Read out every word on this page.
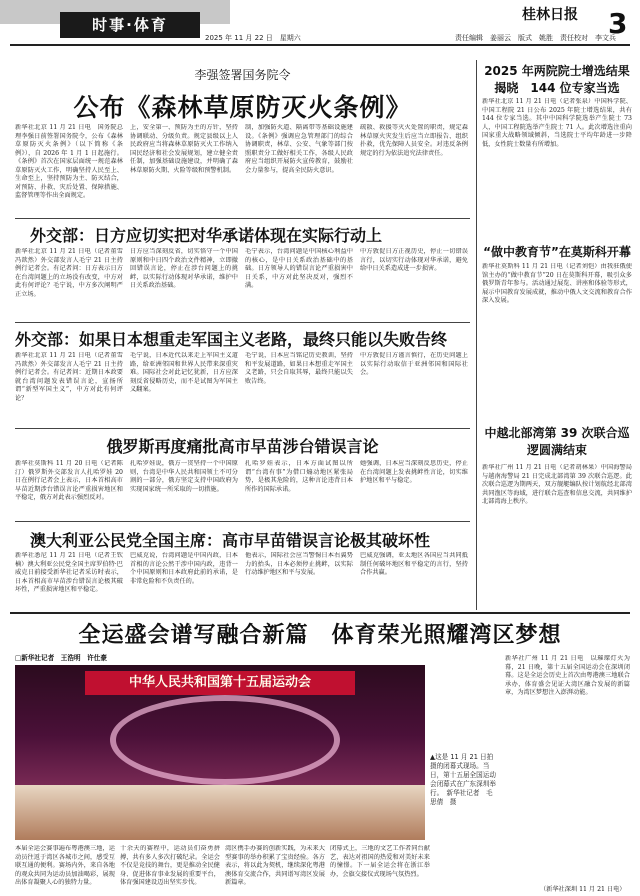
时事·体育
2025 年 11 月 22 日　星期六
桂林日报 3
责任编辑　姜丽云　版式　姚胜　责任校对　李文兵
李强签署国务院令
公布《森林草原防灭火条例》
新华社北京 11 月 21 日电　国务院总理李强日前签署国务院令，公布《森林草原防灭火条例》（以下简称《条例》），自 2026 年 1 月 1 日起施行。《条例》首次在国家层面统一规范森林草原防灭火工作，明确坚持人民至上、生命至上，坚持预防为主、防灭结合，对预防、扑救、灾后处置、保障措施、监督管理等作出全面规定。
上，安全第一、预防为主的方针，坚持协调联动、分级负责。规定县级以上人民政府应当将森林草原防灭火工作纳入国民经济和社会发展规划，建立健全责任制，加强基础设施建设，并明确了森林草原防火期、火险等级和预警机制。
制，加强防火道、隔离带等基础设施建设。《条例》强调应急管理部门的综合协调职责，林草、公安、气象等部门按照职责分工做好相关工作，各级人民政府应当组织开展防火宣传教育，鼓励社会力量参与，提高全民防火意识。
疏散、救援等灭火处置的职责，规定森林草原火灾发生后应当立即报告、组织扑救，优先保障人员安全。对违反条例规定的行为依法追究法律责任。
外交部：日方应切实把对华承诺体现在实际行动上
新华社北京 11 月 21 日电（记者董雪 冯歆然）外交部发言人毛宁 21 日主持例行记者会。有记者问：日方表示日方在台湾问题上的立场没有改变，中方对此有何评论？毛宁说，中方多次阐明严正立场。
日方应当深刻反省，切实恪守一个中国原则和中日四个政治文件精神，立即撤回错误言论，停止在涉台问题上的挑衅，以实际行动体现对华承诺，维护中日关系政治基础。
毛宁表示，台湾问题是中国核心利益中的核心，是中日关系政治基础中的基础。日方领导人的错误言论严重损害中日关系，中方对此坚决反对，强烈不满。
中方敦促日方正视历史，停止一切错误言行，以切实行动体现对华承诺，避免给中日关系造成进一步损害。
外交部：如果日本想重走军国主义老路，最终只能以失败告终
新华社北京 11 月 21 日电（记者董雪 冯歆然）外交部发言人毛宁 21 日主持例行记者会。有记者问：近期日本政要就台湾问题发表错误言论，宣扬所谓“新型军国主义”，中方对此有何评论？
毛宁说，日本近代以来走上军国主义道路，给亚洲邻国和世界人民带来深重灾难。国际社会对此记忆犹新，日方应深刻反省侵略历史，而不是试图为军国主义翻案。
毛宁说，日本应当铭记历史教训，坚持和平发展道路，如果日本想重走军国主义老路，只会自取其辱，最终只能以失败告终。
中方敦促日方谨言慎行，在历史问题上以实际行动取信于亚洲邻国和国际社会。
俄罗斯再度痛批高市早苗涉台错误言论
新华社莫斯科 11 月 20 日电（记者陈汀）俄罗斯外交部发言人扎哈罗娃 20 日在例行记者会上表示，日本首相高市早苗近期涉台错误言论严重损害地区和平稳定，俄方对此表示强烈反对。
扎哈罗娃说，俄方一贯坚持一个中国原则，台湾是中华人民共和国领土不可分割的一部分，俄方坚定支持中国政府为实现国家统一所采取的一切措施。
扎哈罗娃表示，日本方面试图以所谓“台湾有事”为借口煽动地区紧张局势，是极其危险的，这种言论违背日本所作的国际承诺。
她强调，日本应当深刻反思历史，停止在台湾问题上发表挑衅性言论，切实维护地区和平与稳定。
澳大利亚公民党全国主席：高市早苗错误言论极其破坏性
新华社悉尼 11 月 21 日电（记者王钦楠）澳大利亚公民党全国主席罗伯特·巴威克日前接受新华社记者采访时表示，日本首相高市早苗涉台错误言论极其破坏性，严重损害地区和平稳定。
巴威克说，台湾问题是中国内政，日本首相的言论公然干涉中国内政，违背一个中国原则和日本政府此前的承诺，是非常危险和不负责任的。
他表示，国际社会应当警惕日本右翼势力的抬头，日本必须停止挑衅，以实际行动维护地区和平与发展。
巴威克强调，亚太地区各国应当共同抵制任何破坏地区和平稳定的言行，坚持合作共赢。
2025 年两院院士增选结果揭晓　144 位专家当选
新华社北京 11 月 21 日电（记者张泉）中国科学院、中国工程院 21 日公布 2025 年院士增选结果，共有 144 位专家当选。其中中国科学院选举产生院士 73 人，中国工程院选举产生院士 71 人。此次增选注重向国家重大战略领域倾斜，当选院士平均年龄进一步降低，女性院士数量有所增加。
“做中教育节”在莫斯科开幕
新华社莫斯科 11 月 21 日电（记者刘恺）由我驻俄使馆主办的“做中教育节”20 日在莫斯科开幕，吸引众多俄罗斯青年参与。活动通过展览、讲座和体验等形式，展示中国教育发展成就，推动中俄人文交流和教育合作深入发展。
中越北部湾第 39 次联合巡逻圆满结束
新华社广州 11 月 21 日电（记者胡林果）中国海警局与越南海警局 21 日完成北部湾第 39 次联合巡逻。此次联合巡逻为期两天，双方舰艇编队按计划航经北部湾共同渔区等海域，进行联合巡查和信息交流，共同维护北部湾海上秩序。
全运盛会谱写融合新篇　体育荣光照耀湾区梦想
□新华社记者　王浩明　许仕豪
中华人民共和国第十五届运动会
▲这是 11 月 21 日拍摄的闭幕式现场。当日，第十五届全国运动会闭幕式在广东深圳举行。　新华社记者　毛思倩　摄
新华社广州 11 月 21 日电　以璀璨灯火为幕，21 日晚，第十五届全国运动会在深圳闭幕。这是全运会历史上首次由粤港澳三地联合承办，体育盛会见证大湾区融合发展的新篇章，为湾区梦想注入澎湃动能。
本届全运会赛事遍布粤港澳三地，运动员往返于湾区各城市之间，感受互联互通的便利。赛场内外，来自各地的观众共同为运动员加油喝彩，展现出体育凝聚人心的独特力量。
十余天的赛程中，运动员们奋勇拼搏，共有多人多次打破纪录。全运会不仅是竞技的舞台，更是推动全民健身、促进体育事业发展的重要平台，体育强国建设迈出坚实步伐。
湾区携手办赛的创新实践，为未来大型赛事的举办积累了宝贵经验。各方表示，将以此为契机，继续深化粤港澳体育交流合作，共同谱写湾区发展新篇章。
闭幕式上，三地的文艺工作者同台献艺，表达对祖国的热爱和对美好未来的憧憬。下一届全运会将在浙江举办，会旗交接仪式现场气氛热烈。
（新华社深圳 11 月 21 日电）
